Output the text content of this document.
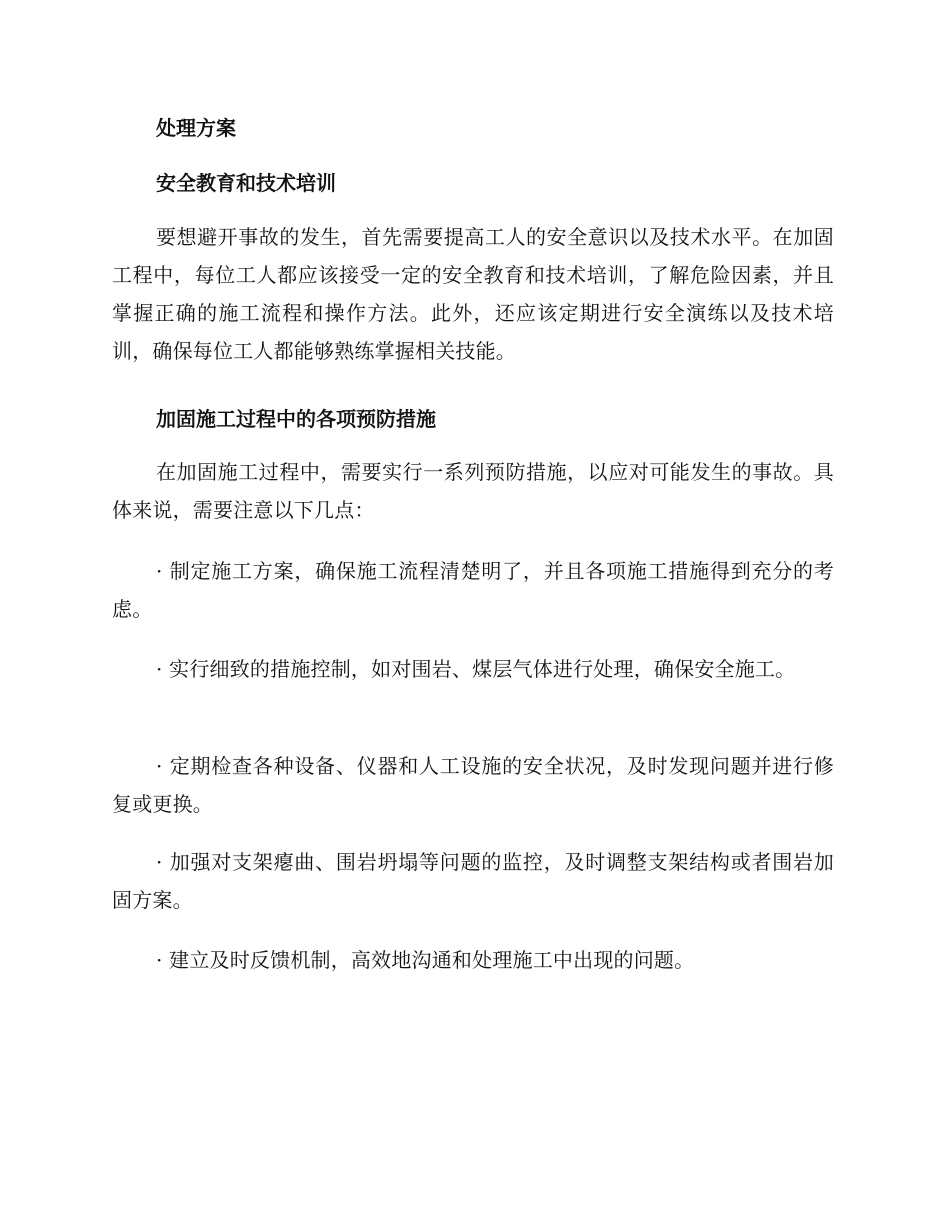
处理方案
安全教育和技术培训

要想避开事故的发生，首先需要提高工人的安全意识以及技术水平。在加固工程中，每位工人都应该接受一定的安全教育和技术培训，了解危险因素，并且掌握正确的施工流程和操作方法。此外，还应该定期进行安全演练以及技术培训，确保每位工人都能够熟练掌握相关技能。

加固施工过程中的各项预防措施

在加固施工过程中，需要实行一系列预防措施，以应对可能发生的事故。具体来说，需要注意以下几点：

· 制定施工方案，确保施工流程清楚明了，并且各项施工措施得到充分的考虑。

· 实行细致的措施控制，如对围岩、煤层气体进行处理，确保安全施工。

· 定期检查各种设备、仪器和人工设施的安全状况，及时发现问题并进行修复或更换。

· 加强对支架瘪曲、围岩坍塌等问题的监控，及时调整支架结构或者围岩加固方案。

· 建立及时反馈机制，高效地沟通和处理施工中出现的问题。
